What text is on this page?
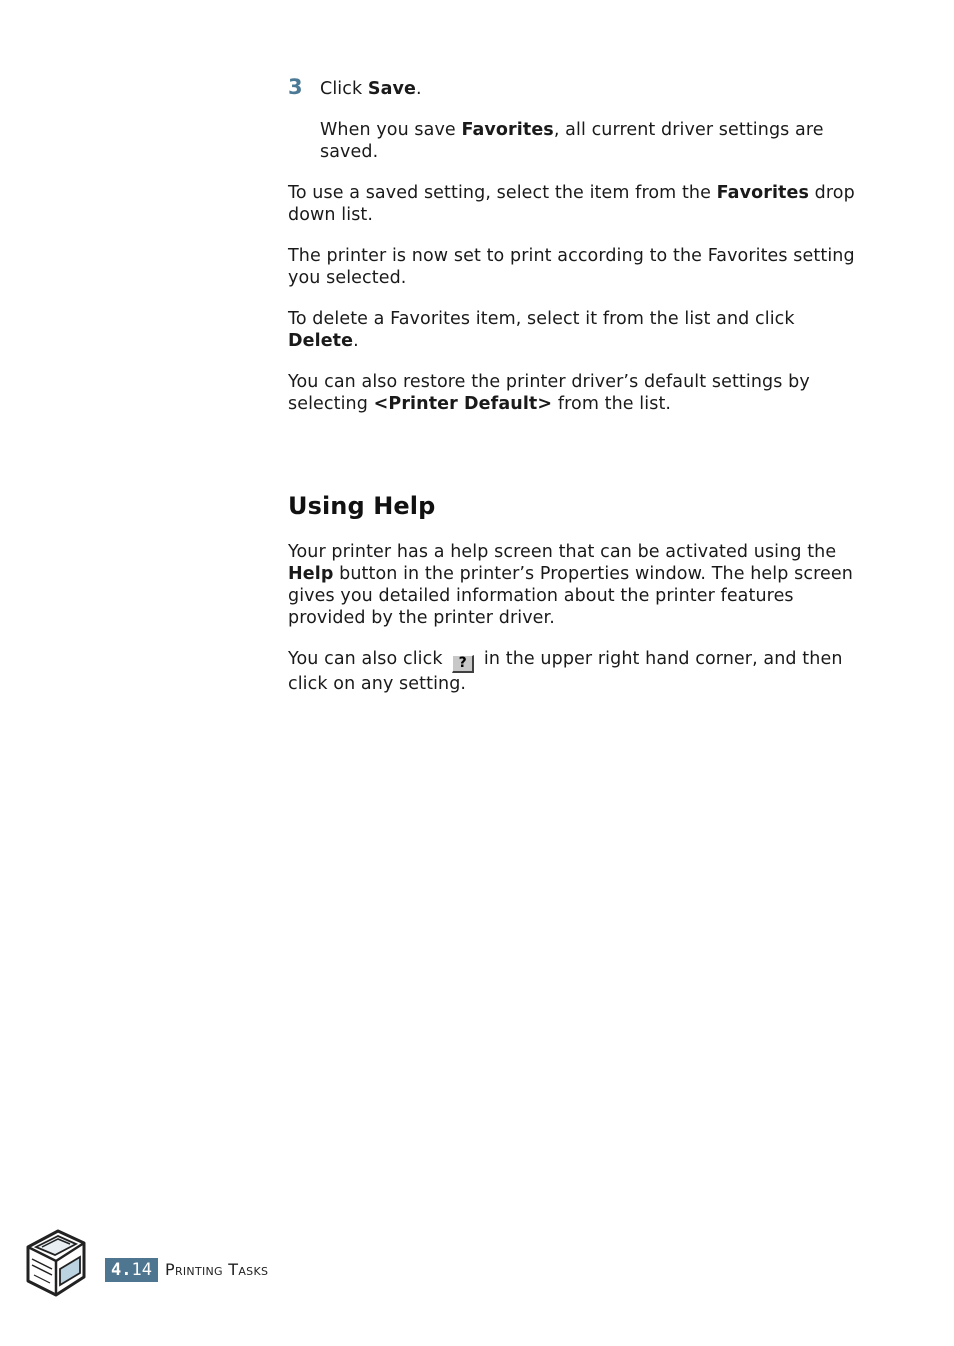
3 Click Save.

When you save Favorites, all current driver settings are saved.

To use a saved setting, select the item from the Favorites drop down list.

The printer is now set to print according to the Favorites setting you selected.

To delete a Favorites item, select it from the list and click Delete.

You can also restore the printer driver’s default settings by selecting <Printer Default> from the list.

Using Help

Your printer has a help screen that can be activated using the Help button in the printer’s Properties window. The help screen gives you detailed information about the printer features provided by the printer driver.

You can also click ? in the upper right hand corner, and then click on any setting.

4.14 Printing Tasks
